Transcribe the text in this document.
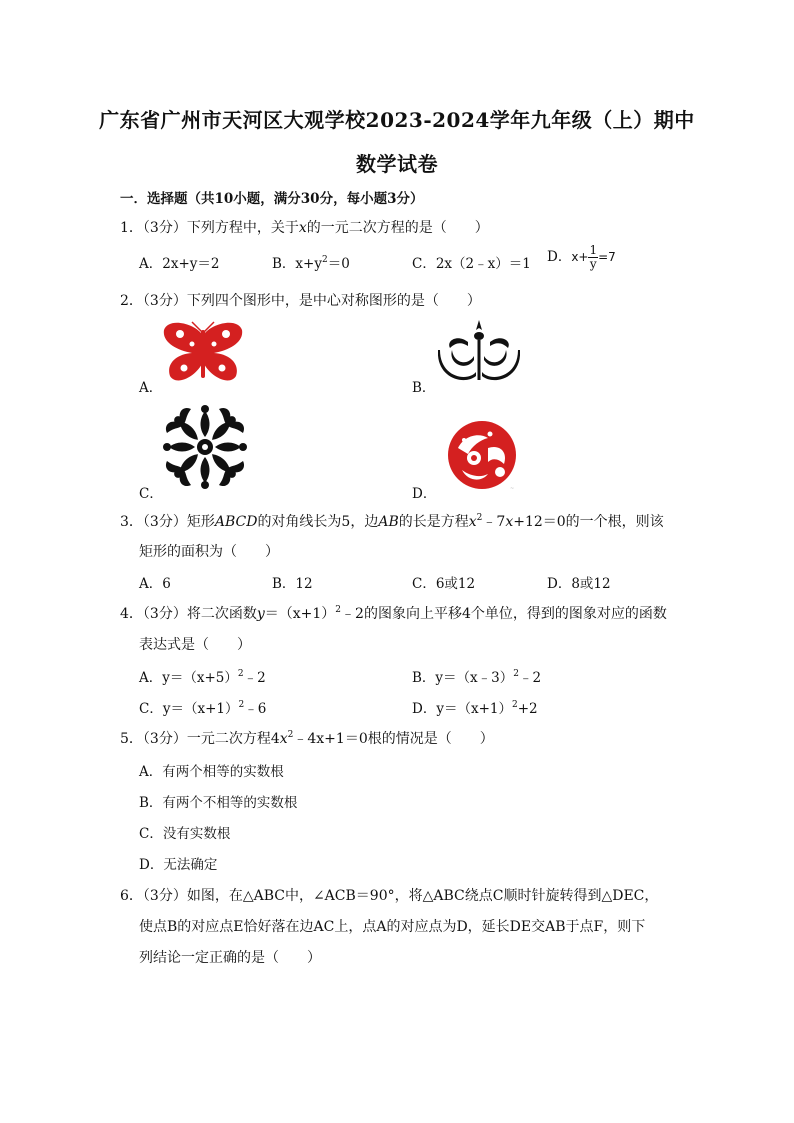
广东省广州市天河区大观学校2023-2024学年九年级（上）期中
数学试卷
一．选择题（共10小题，满分30分，每小题3分）
1．（3分）下列方程中，关于x的一元二次方程的是（　　）
A．2x+y＝2	B．$x+y^2=0$	C．2x（2﹣x）＝1 D．$x+ \frac{1}{y} =7$
2．（3分）下列四个图形中，是中心对称图形的是（　　）
A．	B．
C．	~
D．
3．（3分）矩形ABCD的对角线长为5，边AB的长是方程$x^2﹣7x+12=0$的一个根，则该
矩形的面积为（　　）
A．6	B．12	C．6或12	D．8或12
4．（3分）将二次函数$y=(x+1)^2﹣2$的图象向上平移4个单位，得到的图象对应的函数
表达式是（　　）
A．$y=(x+5)^2﹣2$	B．y＝（x﹣3）$^2$﹣2
C．$y=(x+1)^2﹣6$	D．$y=(x+1)^2+2$
5．（3分）一元二次方程$4x^2﹣4x+1=0$根的情况是（　　）
A．有两个相等的实数根
B．有两个不相等的实数根
C．没有实数根
D．无法确定
6．（3分）如图，在△ABC中，∠ACB＝90°，将△ABC绕点C顺时针旋转得到△DEC，
使点B的对应点E恰好落在边AC上，点A的对应点为D，延长DE交AB于点F，则下
列结论一定正确的是（　　）
